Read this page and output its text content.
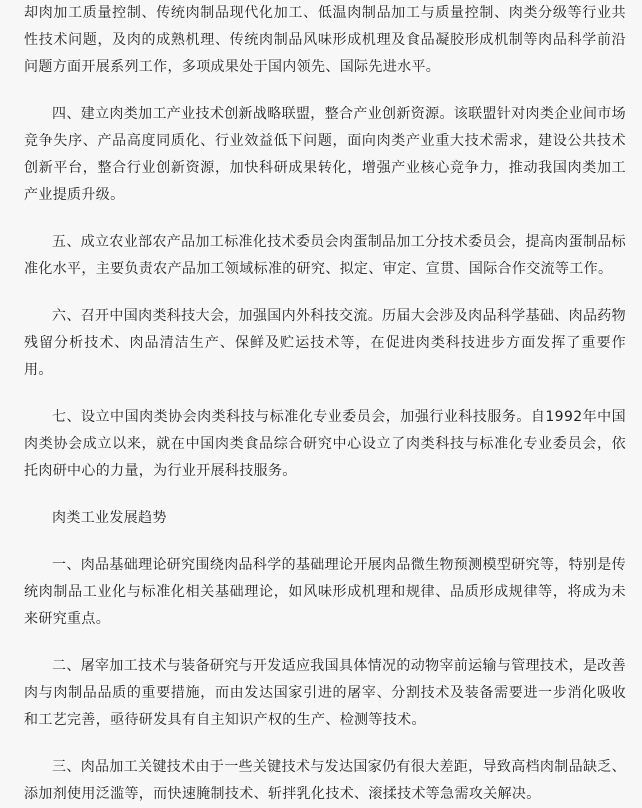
却肉加工质量控制、传统肉制品现代化加工、低温肉制品加工与质量控制、肉类分级等行业共性技术问题，及肉的成熟机理、传统肉制品风味形成机理及食品凝胶形成机制等肉品科学前沿问题方面开展系列工作，多项成果处于国内领先、国际先进水平。

四、建立肉类加工产业技术创新战略联盟，整合产业创新资源。该联盟针对肉类企业间市场竞争失序、产品高度同质化、行业效益低下问题，面向肉类产业重大技术需求，建设公共技术创新平台，整合行业创新资源，加快科研成果转化，增强产业核心竞争力，推动我国肉类加工产业提质升级。

五、成立农业部农产品加工标准化技术委员会肉蛋制品加工分技术委员会，提高肉蛋制品标准化水平，主要负责农产品加工领域标准的研究、拟定、审定、宣贯、国际合作交流等工作。

六、召开中国肉类科技大会，加强国内外科技交流。历届大会涉及肉品科学基础、肉品药物残留分析技术、肉品清洁生产、保鲜及贮运技术等，在促进肉类科技进步方面发挥了重要作用。

七、设立中国肉类协会肉类科技与标准化专业委员会，加强行业科技服务。自1992年中国肉类协会成立以来，就在中国肉类食品综合研究中心设立了肉类科技与标准化专业委员会，依托肉研中心的力量，为行业开展科技服务。

肉类工业发展趋势

一、肉品基础理论研究围绕肉品科学的基础理论开展肉品微生物预测模型研究等，特别是传统肉制品工业化与标准化相关基础理论，如风味形成机理和规律、品质形成规律等，将成为未来研究重点。

二、屠宰加工技术与装备研究与开发适应我国具体情况的动物宰前运输与管理技术，是改善肉与肉制品品质的重要措施，而由发达国家引进的屠宰、分割技术及装备需要进一步消化吸收和工艺完善，亟待研发具有自主知识产权的生产、检测等技术。

三、肉品加工关键技术由于一些关键技术与发达国家仍有很大差距，导致高档肉制品缺乏、添加剂使用泛滥等，而快速腌制技术、斩拌乳化技术、滚揉技术等急需攻关解决。
